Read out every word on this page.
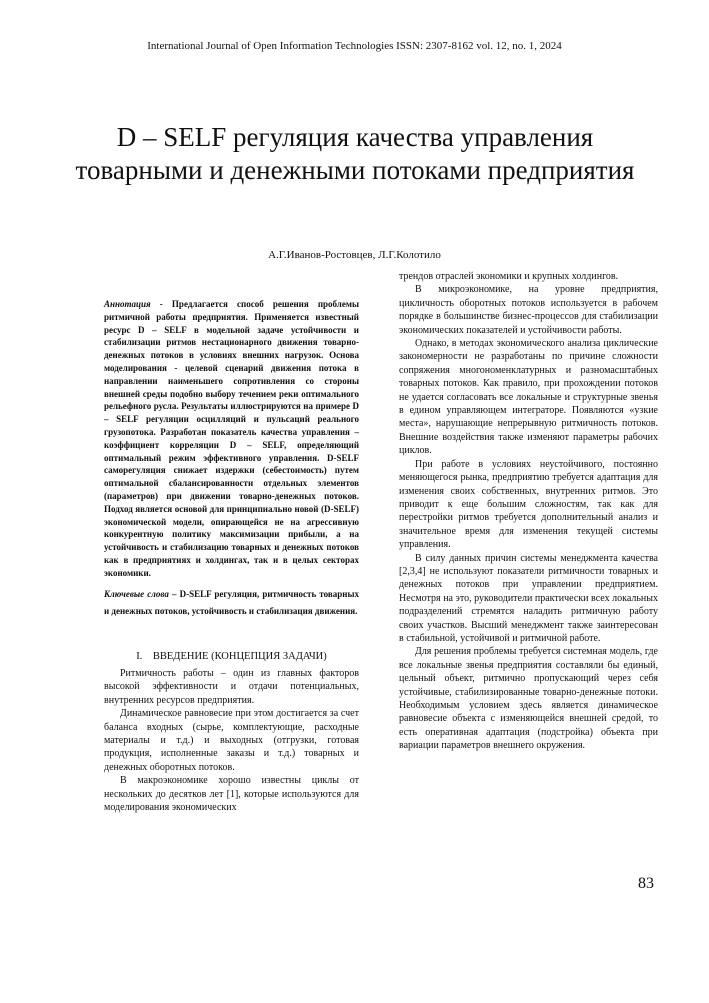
International Journal of Open Information Technologies ISSN: 2307-8162 vol. 12, no. 1, 2024
D – SELF регуляция качества управления товарными и денежными потоками предприятия
А.Г.Иванов-Ростовцев, Л.Г.Колотило

Аннотация - Предлагается способ решения проблемы ритмичной работы предприятия. Применяется известный ресурс D – SELF в модельной задаче устойчивости и стабилизации ритмов нестационарного движения товарно-денежных потоков в условиях внешних нагрузок. Основа моделирования - целевой сценарий движения потока в направлении наименьшего сопротивления со стороны внешней среды подобно выбору течением реки оптимального рельефного русла. Результаты иллюстрируются на примере D – SELF регуляции осцилляций и пульсаций реального грузопотока. Разработан показатель качества управления – коэффициент корреляции D – SELF, определяющий оптимальный режим эффективного управления. D-SELF саморегуляция снижает издержки (себестоимость) путем оптимальной сбалансированности отдельных элементов (параметров) при движении товарно-денежных потоков. Подход является основой для принципиально новой (D-SELF) экономической модели, опирающейся не на агрессивную конкурентную политику максимизации прибыли, а на устойчивость и стабилизацию товарных и денежных потоков как в предприятиях и холдингах, так и в целых секторах экономики.

Ключевые слова – D-SELF регуляция, ритмичность товарных и денежных потоков, устойчивость и стабилизация движения.

I.    ВВЕДЕНИЕ (КОНЦЕПЦИЯ ЗАДАЧИ)

Ритмичность работы – один из главных факторов высокой эффективности и отдачи потенциальных, внутренних ресурсов предприятия.

Динамическое равновесие при этом достигается за счет баланса входных (сырье, комплектующие, расходные материалы и т.д.) и выходных (отгрузки, готовая продукция, исполненные заказы и т.д.) товарных и денежных оборотных потоков.

В макроэкономике хорошо известны циклы от нескольких до десятков лет [1], которые используются для моделирования экономических

трендов отраслей экономики и крупных холдингов.

В микроэкономике, на уровне предприятия, цикличность оборотных потоков используется в рабочем порядке в большинстве бизнес-процессов для стабилизации экономических показателей и устойчивости работы.

Однако, в методах экономического анализа циклические закономерности не разработаны по причине сложности сопряжения многономенклатурных и разномасштабных товарных потоков. Как правило, при прохождении потоков не удается согласовать все локальные и структурные звенья в едином управляющем интеграторе. Появляются «узкие места», нарушающие непрерывную ритмичность потоков. Внешние воздействия также изменяют параметры рабочих циклов.

При работе в условиях неустойчивого, постоянно меняющегося рынка, предприятию требуется адаптация для изменения своих собственных, внутренних ритмов. Это приводит к еще большим сложностям, так как для перестройки ритмов требуется дополнительный анализ и значительное время для изменения текущей системы управления.

В силу данных причин системы менеджмента качества [2,3,4] не используют показатели ритмичности товарных и денежных потоков при управлении предприятием. Несмотря на это, руководители практически всех локальных подразделений стремятся наладить ритмичную работу своих участков. Высший менеджмент также заинтересован в стабильной, устойчивой и ритмичной работе.

Для решения проблемы требуется системная модель, где все локальные звенья предприятия составляли бы единый, цельный объект, ритмично пропускающий через себя устойчивые, стабилизированные товарно-денежные потоки. Необходимым условием здесь является динамическое равновесие объекта с изменяющейся внешней средой, то есть оперативная адаптация (подстройка) объекта при вариации параметров внешнего окружения.

83
